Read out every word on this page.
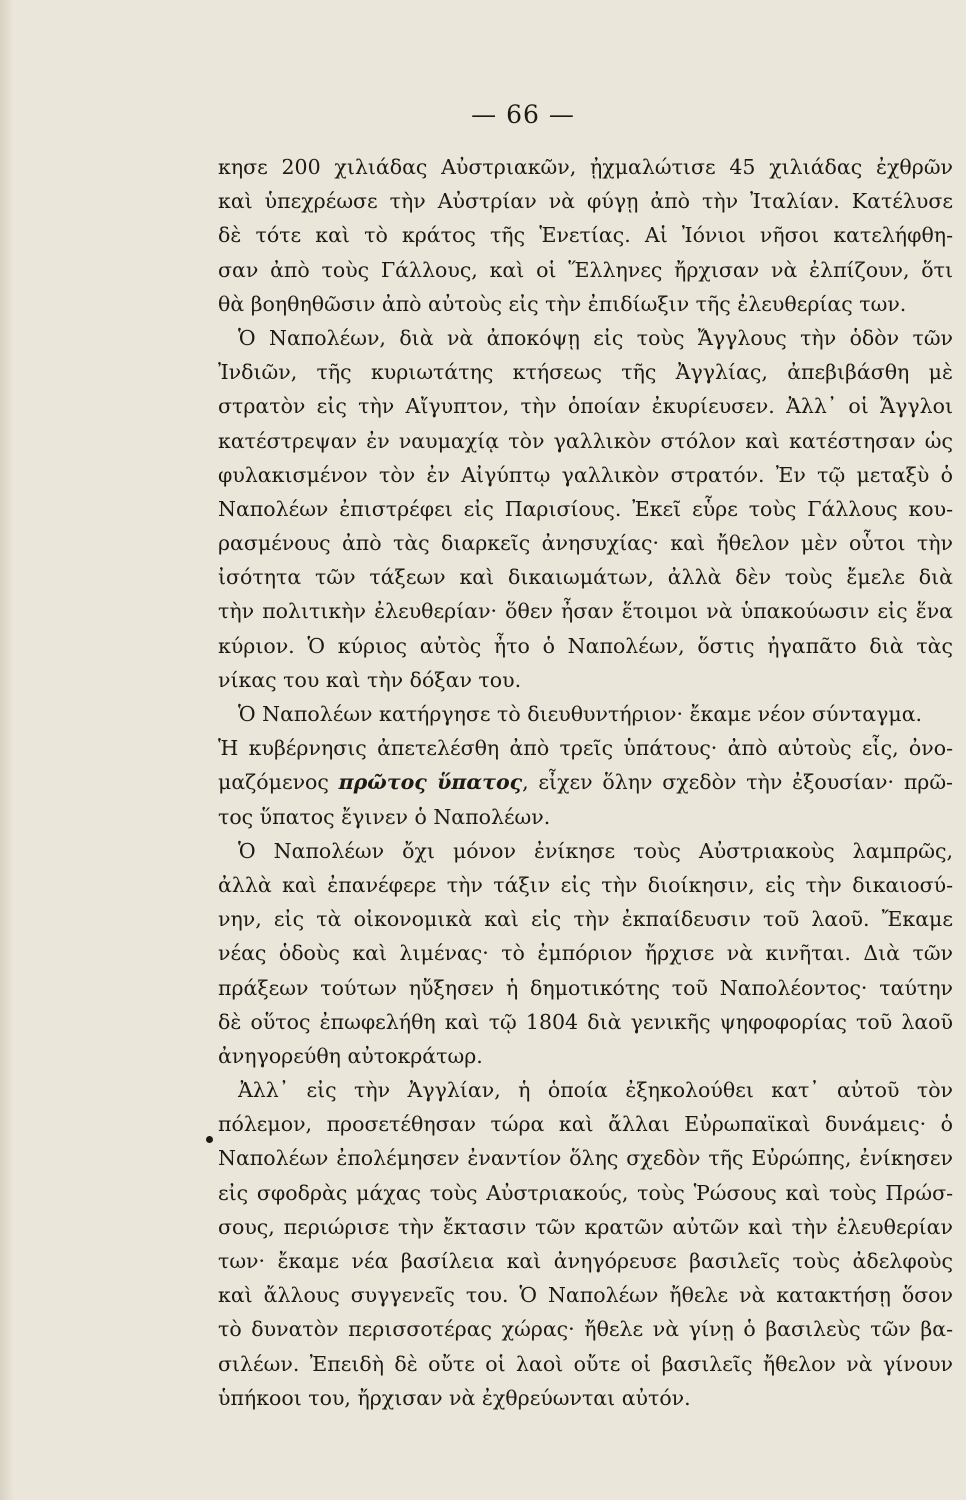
— 66 —
κησε 200 χιλιάδας Αὐστριακῶν, ᾐχμαλώτισε 45 χιλιάδας ἐχθρῶν
καὶ ὑπεχρέωσε τὴν Αὐστρίαν νὰ φύγῃ ἀπὸ τὴν Ἰταλίαν. Κατέλυσε
δὲ τότε καὶ τὸ κράτος τῆς Ἑνετίας. Αἱ Ἰόνιοι νῆσοι κατελήφθη-
σαν ἀπὸ τοὺς Γάλλους, καὶ οἱ Ἕλληνες ἤρχισαν νὰ ἐλπίζουν, ὅτι
θὰ βοηθηθῶσιν ἀπὸ αὐτοὺς εἰς τὴν ἐπιδίωξιν τῆς ἐλευθερίας των.
Ὁ Ναπολέων, διὰ νὰ ἀποκόψῃ εἰς τοὺς Ἄγγλους τὴν ὁδὸν τῶν
Ἰνδιῶν, τῆς κυριωτάτης κτήσεως τῆς Ἀγγλίας, ἀπεβιβάσθη μὲ
στρατὸν εἰς τὴν Αἴγυπτον, τὴν ὁποίαν ἐκυρίευσεν. Ἀλλ᾽ οἱ Ἄγγλοι
κατέστρεψαν ἐν ναυμαχίᾳ τὸν γαλλικὸν στόλον καὶ κατέστησαν ὡς
φυλακισμένον τὸν ἐν Αἰγύπτῳ γαλλικὸν στρατόν. Ἐν τῷ μεταξὺ ὁ
Ναπολέων ἐπιστρέφει εἰς Παρισίους. Ἐκεῖ εὗρε τοὺς Γάλλους κου-
ρασμένους ἀπὸ τὰς διαρκεῖς ἀνησυχίας· καὶ ἤθελον μὲν οὗτοι τὴν
ἰσότητα τῶν τάξεων καὶ δικαιωμάτων, ἀλλὰ δὲν τοὺς ἔμελε διὰ
τὴν πολιτικὴν ἐλευθερίαν· ὅθεν ἦσαν ἕτοιμοι νὰ ὑπακούωσιν εἰς ἕνα
κύριον. Ὁ κύριος αὐτὸς ἦτο ὁ Ναπολέων, ὅστις ἠγαπᾶτο διὰ τὰς
νίκας του καὶ τὴν δόξαν του.
Ὁ Ναπολέων κατήργησε τὸ διευθυντήριον· ἔκαμε νέον σύνταγμα.
Ἡ κυβέρνησις ἀπετελέσθη ἀπὸ τρεῖς ὑπάτους· ἀπὸ αὐτοὺς εἷς, ὀνο-
μαζόμενος πρῶτος ὕπατος, εἶχεν ὅλην σχεδὸν τὴν ἐξουσίαν· πρῶ-
τος ὕπατος ἔγινεν ὁ Ναπολέων.
Ὁ Ναπολέων ὄχι μόνον ἐνίκησε τοὺς Αὐστριακοὺς λαμπρῶς,
ἀλλὰ καὶ ἐπανέφερε τὴν τάξιν εἰς τὴν διοίκησιν, εἰς τὴν δικαιοσύ-
νην, εἰς τὰ οἰκονομικὰ καὶ εἰς τὴν ἐκπαίδευσιν τοῦ λαοῦ. Ἔκαμε
νέας ὁδοὺς καὶ λιμένας· τὸ ἐμπόριον ἤρχισε νὰ κινῆται. Διὰ τῶν
πράξεων τούτων ηὔξησεν ἡ δημοτικότης τοῦ Ναπολέοντος· ταύτην
δὲ οὕτος ἐπωφελήθη καὶ τῷ 1804 διὰ γενικῆς ψηφοφορίας τοῦ λαοῦ
ἀνηγορεύθη αὐτοκράτωρ.
Ἀλλ᾽ εἰς τὴν Ἀγγλίαν, ἡ ὁποία ἐξηκολούθει κατ᾽ αὐτοῦ τὸν
πόλεμον, προσετέθησαν τώρα καὶ ἄλλαι Εὐρωπαϊκαὶ δυνάμεις· ὁ
Ναπολέων ἐπολέμησεν ἐναντίον ὅλης σχεδὸν τῆς Εὐρώπης, ἐνίκησεν
εἰς σφοδρὰς μάχας τοὺς Αὐστριακούς, τοὺς Ῥώσους καὶ τοὺς Πρώσ-
σους, περιώρισε τὴν ἔκτασιν τῶν κρατῶν αὐτῶν καὶ τὴν ἐλευθερίαν
των· ἔκαμε νέα βασίλεια καὶ ἀνηγόρευσε βασιλεῖς τοὺς ἀδελφοὺς
καὶ ἄλλους συγγενεῖς του. Ὁ Ναπολέων ἤθελε νὰ κατακτήσῃ ὅσον
τὸ δυνατὸν περισσοτέρας χώρας· ἤθελε νὰ γίνῃ ὁ βασιλεὺς τῶν βα-
σιλέων. Ἐπειδὴ δὲ οὔτε οἱ λαοὶ οὔτε οἱ βασιλεῖς ἤθελον νὰ γίνουν
ὑπήκοοι του, ἤρχισαν νὰ ἐχθρεύωνται αὐτόν.
